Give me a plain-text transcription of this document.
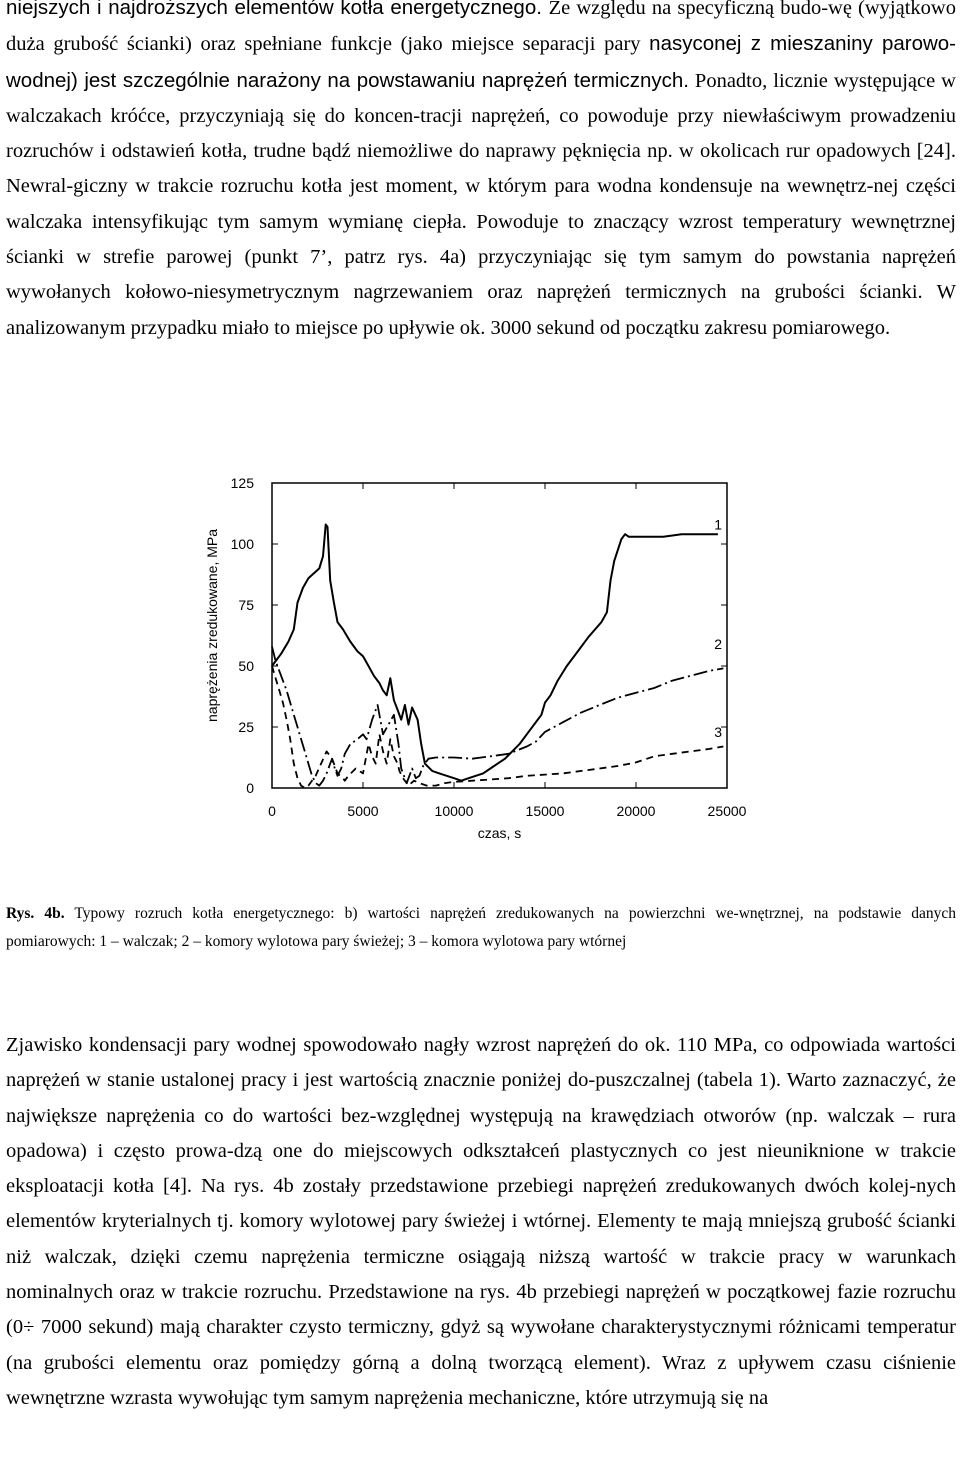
niejszych i najdroższych elementów kotła energetycznego. Ze względu na specyficzną budo-wę (wyjątkowo duża grubość ścianki) oraz spełniane funkcje (jako miejsce separacji pary nasyconej z mieszaniny parowo-wodnej) jest szczególnie narażony na powstawaniu naprężeń termicznych. Ponadto, licznie występujące w walczakach króćce, przyczyniają się do koncen-tracji naprężeń, co powoduje przy niewłaściwym prowadzeniu rozruchów i odstawień kotła, trudne bądź niemożliwe do naprawy pęknięcia np. w okolicach rur opadowych [24]. Newral-giczny w trakcie rozruchu kotła jest moment, w którym para wodna kondensuje na wewnętrz-nej części walczaka intensyfikując tym samym wymianę ciepła. Powoduje to znaczący wzrost temperatury wewnętrznej ścianki w strefie parowej (punkt 7’, patrz rys. 4a) przyczyniając się tym samym do powstania naprężeń wywołanych kołowo-niesymetrycznym nagrzewaniem oraz naprężeń termicznych na grubości ścianki. W analizowanym przypadku miało to miejsce po upływie ok. 3000 sekund od początku zakresu pomiarowego.

0
25
50
75
100
125
0	5000	10000	15000	20000	25000
czas, s
naprężenia zredukowane, MPa
1
2
3

Rys. 4b. Typowy rozruch kotła energetycznego: b) wartości naprężeń zredukowanych na powierzchni we-wnętrznej, na podstawie danych pomiarowych: 1 – walczak; 2 – komory wylotowa pary świeżej; 3 – komora wylotowa pary wtórnej

Zjawisko kondensacji pary wodnej spowodowało nagły wzrost naprężeń do ok. 110 MPa, co odpowiada wartości naprężeń w stanie ustalonej pracy i jest wartością znacznie poniżej do-puszczalnej (tabela 1). Warto zaznaczyć, że największe naprężenia co do wartości bez-względnej występują na krawędziach otworów (np. walczak – rura opadowa) i często prowa-dzą one do miejscowych odkształceń plastycznych co jest nieuniknione w trakcie eksploatacji kotła [4]. Na rys. 4b zostały przedstawione przebiegi naprężeń zredukowanych dwóch kolej-nych elementów kryterialnych tj. komory wylotowej pary świeżej i wtórnej. Elementy te mają mniejszą grubość ścianki niż walczak, dzięki czemu naprężenia termiczne osiągają niższą wartość w trakcie pracy w warunkach nominalnych oraz w trakcie rozruchu. Przedstawione na rys. 4b przebiegi naprężeń w początkowej fazie rozruchu (0÷ 7000 sekund) mają charakter czysto termiczny, gdyż są wywołane charakterystycznymi różnicami temperatur (na grubości elementu oraz pomiędzy górną a dolną tworzącą element). Wraz z upływem czasu ciśnienie wewnętrzne wzrasta wywołując tym samym naprężenia mechaniczne, które utrzymują się na
